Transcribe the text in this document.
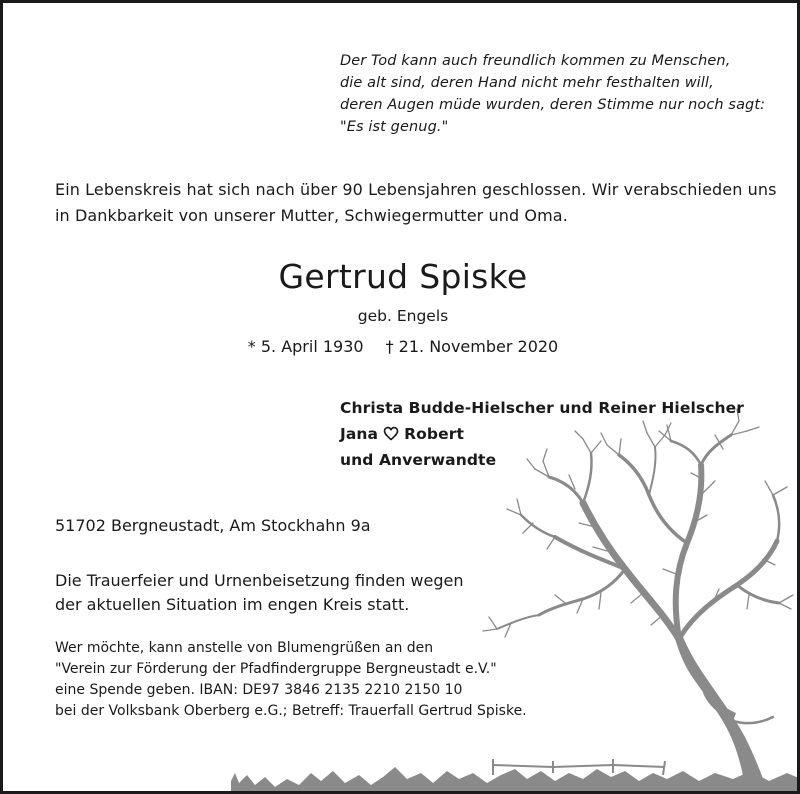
Der Tod kann auch freundlich kommen zu Menschen,
die alt sind, deren Hand nicht mehr festhalten will,
deren Augen müde wurden, deren Stimme nur noch sagt:
"Es ist genug."
Ein Lebenskreis hat sich nach über 90 Lebensjahren geschlossen. Wir verabschieden uns
in Dankbarkeit von unserer Mutter, Schwiegermutter und Oma.
Gertrud Spiske
geb. Engels
* 5. April 1930 † 21. November 2020
Christa Budde-Hielscher und Reiner Hielscher
Jana Robert
und Anverwandte
51702 Bergneustadt, Am Stockhahn 9a
Die Trauerfeier und Urnenbeisetzung finden wegen
der aktuellen Situation im engen Kreis statt.
Wer möchte, kann anstelle von Blumengrüßen an den
"Verein zur Förderung der Pfadfindergruppe Bergneustadt e.V."
eine Spende geben. IBAN: DE97 3846 2135 2210 2150 10
bei der Volksbank Oberberg e.G.; Betreff: Trauerfall Gertrud Spiske.
